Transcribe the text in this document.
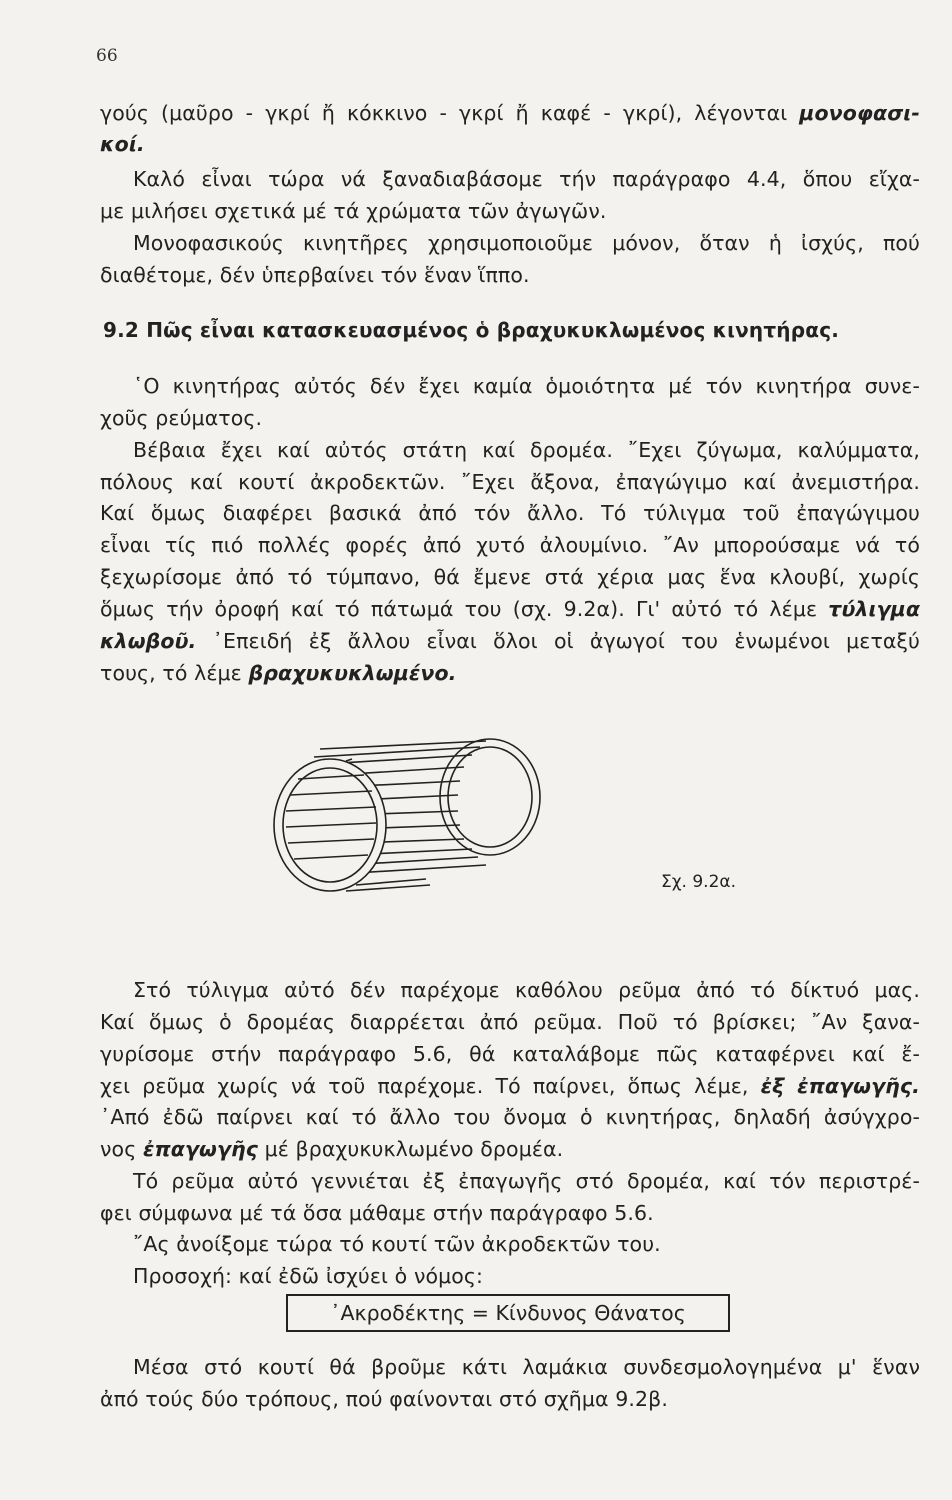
66
γούς (μαῦρο - γκρί ἤ κόκκινο - γκρί ἤ καφέ - γκρί), λέγονται μονοφασι-
κοί.
Καλό εἶναι τώρα νά ξαναδιαβάσομε τήν παράγραφο 4.4, ὅπου εἴχα-
με μιλήσει σχετικά μέ τά χρώματα τῶν ἀγωγῶν.
Μονοφασικούς κινητῆρες χρησιμοποιοῦμε μόνον, ὅταν ἡ ἰσχύς, πού
διαθέτομε, δέν ὑπερβαίνει τόν ἕναν ἵππο.
῾Ο κινητήρας αὐτός δέν ἔχει καμία ὁμοιότητα μέ τόν κινητήρα συνε-
χοῦς ρεύματος.
Βέβαια ἔχει καί αὐτός στάτη καί δρομέα. ῎Εχει ζύγωμα, καλύμματα,
πόλους καί κουτί ἀκροδεκτῶν. ῎Εχει ἄξονα, ἐπαγώγιμο καί ἀνεμιστήρα.
Καί ὅμως διαφέρει βασικά ἀπό τόν ἄλλο. Τό τύλιγμα τοῦ ἐπαγώγιμου
εἶναι τίς πιό πολλές φορές ἀπό χυτό ἀλουμίνιο. ῎Αν μπορούσαμε νά τό
ξεχωρίσομε ἀπό τό τύμπανο, θά ἔμενε στά χέρια μας ἕνα κλουβί, χωρίς
ὅμως τήν ὀροφή καί τό πάτωμά του (σχ. 9.2α). Γι' αὐτό τό λέμε τύλιγμα
κλωβοῦ. ᾿Επειδή ἐξ ἄλλου εἶναι ὅλοι οἱ ἀγωγοί του ἑνωμένοι μεταξύ
τους, τό λέμε βραχυκυκλωμένο.
Στό τύλιγμα αὐτό δέν παρέχομε καθόλου ρεῦμα ἀπό τό δίκτυό μας.
Καί ὅμως ὁ δρομέας διαρρέεται ἀπό ρεῦμα. Ποῦ τό βρίσκει; ῎Αν ξανα-
γυρίσομε στήν παράγραφο 5.6, θά καταλάβομε πῶς καταφέρνει καί ἔ-
χει ρεῦμα χωρίς νά τοῦ παρέχομε. Τό παίρνει, ὅπως λέμε, ἐξ ἐπαγωγῆς.
᾿Από ἐδῶ παίρνει καί τό ἄλλο του ὄνομα ὁ κινητήρας, δηλαδή ἀσύγχρο-
νος ἐπαγωγῆς μέ βραχυκυκλωμένο δρομέα.
Τό ρεῦμα αὐτό γεννιέται ἐξ ἐπαγωγῆς στό δρομέα, καί τόν περιστρέ-
φει σύμφωνα μέ τά ὅσα μάθαμε στήν παράγραφο 5.6.
῎Ας ἀνοίξομε τώρα τό κουτί τῶν ἀκροδεκτῶν του.
Προσοχή: καί ἐδῶ ἰσχύει ὁ νόμος:
Μέσα στό κουτί θά βροῦμε κάτι λαμάκια συνδεσμολογημένα μ' ἕναν
ἀπό τούς δύο τρόπους, πού φαίνονται στό σχῆμα 9.2β.
9.2 Πῶς εἶναι κατασκευασμένος ὁ βραχυκυκλωμένος κινητήρας.
Σχ. 9.2α.
᾿Ακροδέκτης = Κίνδυνος Θάνατος
